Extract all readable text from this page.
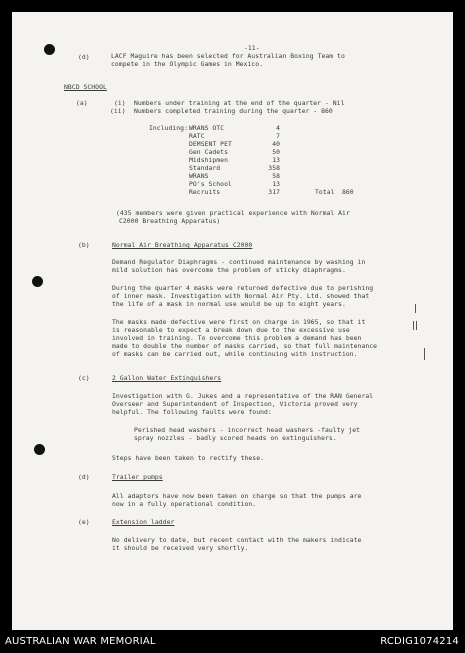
-11-
(d)	LACF Maguire has been selected for Australian Boxing Team to
compete in the Olympic Games in Mexico.
NBCD SCHOOL
(a)	(i) Numbers under training at the end of the quarter - Nil
(ii) Numbers completed training during the quarter - 860
Including: WRANS OTC	4
RATC	7
DEMSENT PET	40
Gen Cadets	50
Midshipmen	13
Standard	358
WRANS	58
PO's School	13
Recruits	317	Total 860
(435 members were given practical experience with Normal Air
C2000 Breathing Apparatus)
(b)	Normal Air Breathing Apparatus C2000
Demand Regulator Diaphragms - continued maintenance by washing in
mild solution has overcome the problem of sticky diaphragms.
During the quarter 4 masks were returned defective due to perishing
of inner mask. Investigation with Normal Air Pty. Ltd. showed that
the life of a mask in normal use would be up to eight years.
The masks made defective were first on charge in 1965, so that it
is reasonable to expect a break down due to the excessive use
involved in training. To overcome this problem a demand has been
made to double the number of masks carried, so that full maintenance
of masks can be carried out, while continuing with instruction.
(c)	2 Gallon Water Extinguishers
Investigation with G. Jukes and a representative of the RAN General
Overseer and Superintendent of Inspection, Victoria proved very
helpful. The following faults were found:
Perished head washers - incorrect head washers -faulty jet
spray nozzles - badly scored heads on extinguishers.
Steps have been taken to rectify these.
(d)	Trailer pumps
All adaptors have now been taken on charge so that the pumps are
now in a fully operational condition.
(e)	Extension ladder
No delivery to date, but recent contact with the makers indicate
it should be received very shortly.
AUSTRALIAN WAR MEMORIAL	RCDIG1074214
